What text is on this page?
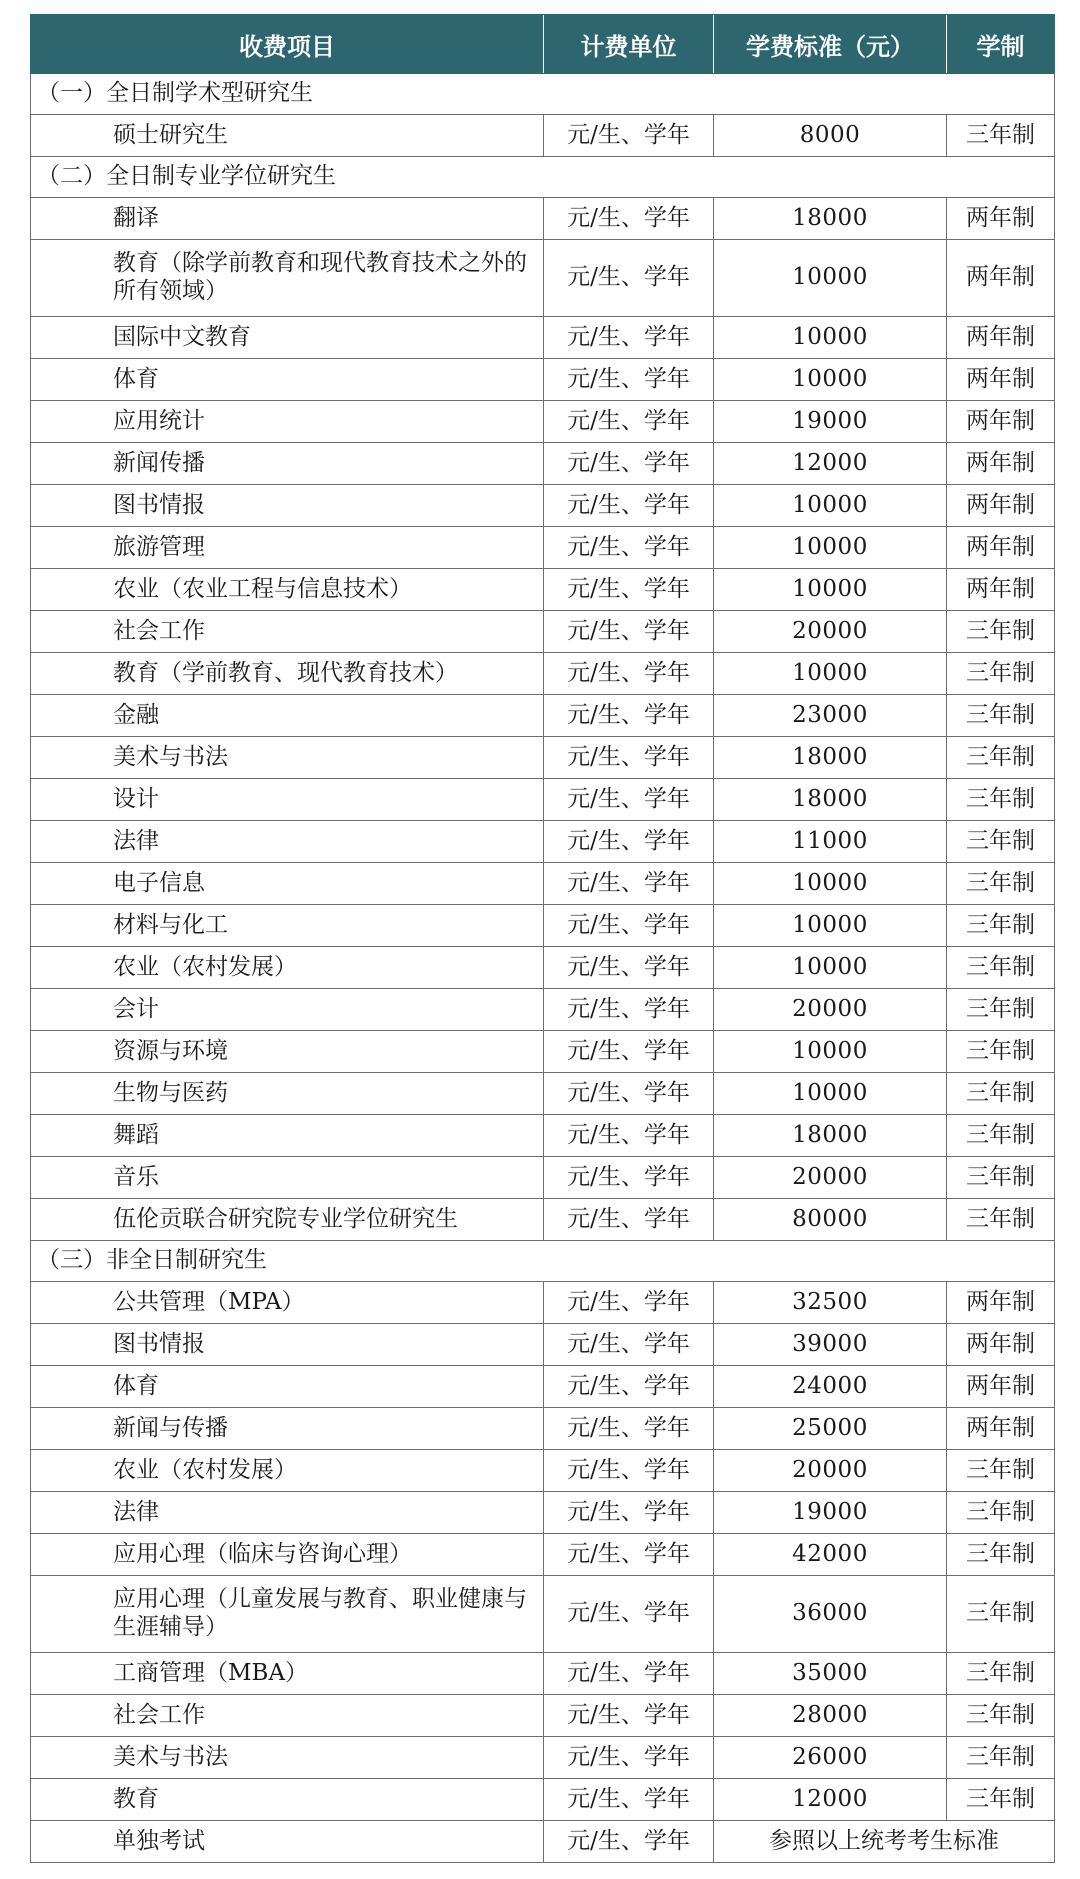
收费项目	计费单位	学费标准（元）	学制
（一）全日制学术型研究生			
硕士研究生	元/生、学年	8000	三年制
（二）全日制专业学位研究生			
翻译	元/生、学年	18000	两年制
教育（除学前教育和现代教育技术之外的所有领域）	元/生、学年	10000	两年制
国际中文教育	元/生、学年	10000	两年制
体育	元/生、学年	10000	两年制
应用统计	元/生、学年	19000	两年制
新闻传播	元/生、学年	12000	两年制
图书情报	元/生、学年	10000	两年制
旅游管理	元/生、学年	10000	两年制
农业（农业工程与信息技术）	元/生、学年	10000	两年制
社会工作	元/生、学年	20000	三年制
教育（学前教育、现代教育技术）	元/生、学年	10000	三年制
金融	元/生、学年	23000	三年制
美术与书法	元/生、学年	18000	三年制
设计	元/生、学年	18000	三年制
法律	元/生、学年	11000	三年制
电子信息	元/生、学年	10000	三年制
材料与化工	元/生、学年	10000	三年制
农业（农村发展）	元/生、学年	10000	三年制
会计	元/生、学年	20000	三年制
资源与环境	元/生、学年	10000	三年制
生物与医药	元/生、学年	10000	三年制
舞蹈	元/生、学年	18000	三年制
音乐	元/生、学年	20000	三年制
伍伦贡联合研究院专业学位研究生	元/生、学年	80000	三年制
（三）非全日制研究生			
公共管理（MPA）	元/生、学年	32500	两年制
图书情报	元/生、学年	39000	两年制
体育	元/生、学年	24000	两年制
新闻与传播	元/生、学年	25000	两年制
农业（农村发展）	元/生、学年	20000	三年制
法律	元/生、学年	19000	三年制
应用心理（临床与咨询心理）	元/生、学年	42000	三年制
应用心理（儿童发展与教育、职业健康与生涯辅导）	元/生、学年	36000	三年制
工商管理（MBA）	元/生、学年	35000	三年制
社会工作	元/生、学年	28000	三年制
美术与书法	元/生、学年	26000	三年制
教育	元/生、学年	12000	三年制
单独考试	元/生、学年	参照以上统考考生标准	
